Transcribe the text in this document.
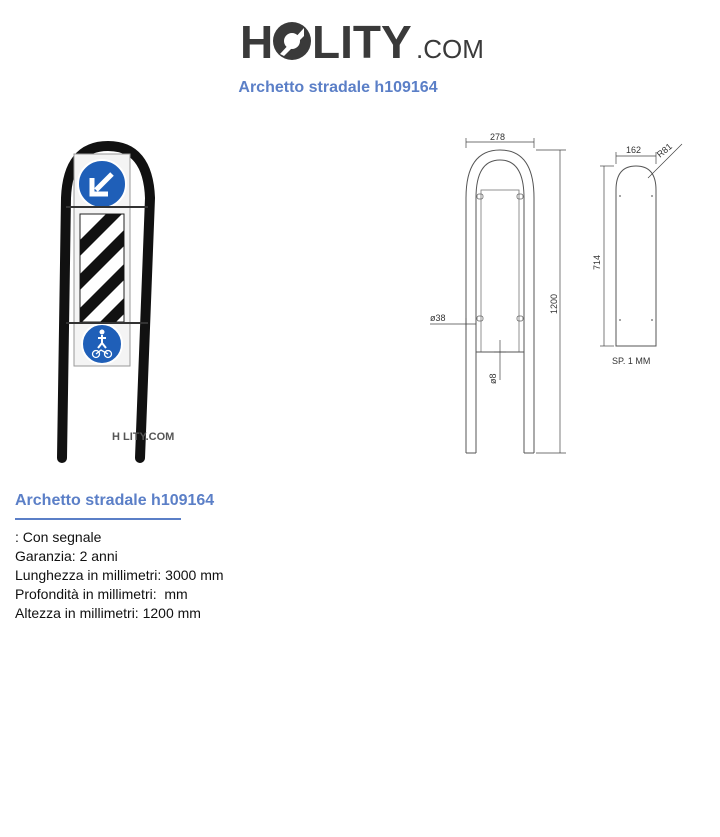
H LITY .COM
Archetto stradale h109164
H LITY.COM
278
1200
ø38
ø8
162 R81
714
SP. 1 MM
Archetto stradale h109164
: Con segnale
Garanzia: 2 anni
Lunghezza in millimetri: 3000 mm
Profondità in millimetri:  mm
Altezza in millimetri: 1200 mm
